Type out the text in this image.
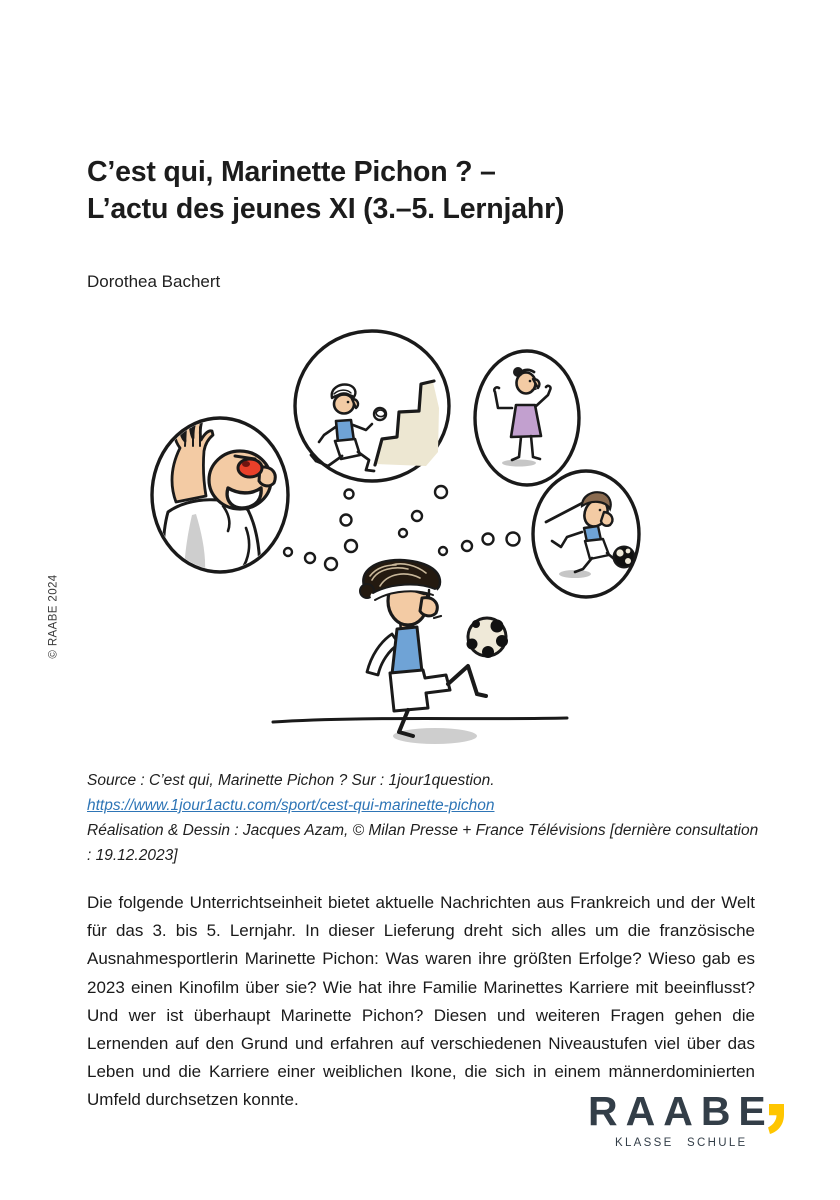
© RAABE 2024
C’est qui, Marinette Pichon ? –
L’actu des jeunes XI (3.–5. Lernjahr)
Dorothea Bachert

Source : C’est qui, Marinette Pichon ? Sur : 1jour1question.

https://www.1jour1actu.com/sport/cest-qui-marinette-pichon

Réalisation & Dessin : Jacques Azam, © Milan Presse + France Télévisions [dernière consultation : 19.12.2023]

Die folgende Unterrichtseinheit bietet aktuelle Nachrichten aus Frankreich und der Welt für das 3. bis 5. Lernjahr. In dieser Lieferung dreht sich alles um die französische Ausnahmesportlerin Marinette Pichon: Was waren ihre größten Erfolge? Wieso gab es 2023 einen Kinofilm über sie? Wie hat ihre Familie Marinettes Karriere mit beeinflusst? Und wer ist überhaupt Marinette Pichon? Diesen und weiteren Fragen gehen die Lernenden auf den Grund und erfahren auf verschiedenen Niveaustufen viel über das Leben und die Karriere einer weiblichen Ikone, die sich in einem männerdominierten Umfeld durchsetzen konnte.	RAABE
KLASSE SCHULE
